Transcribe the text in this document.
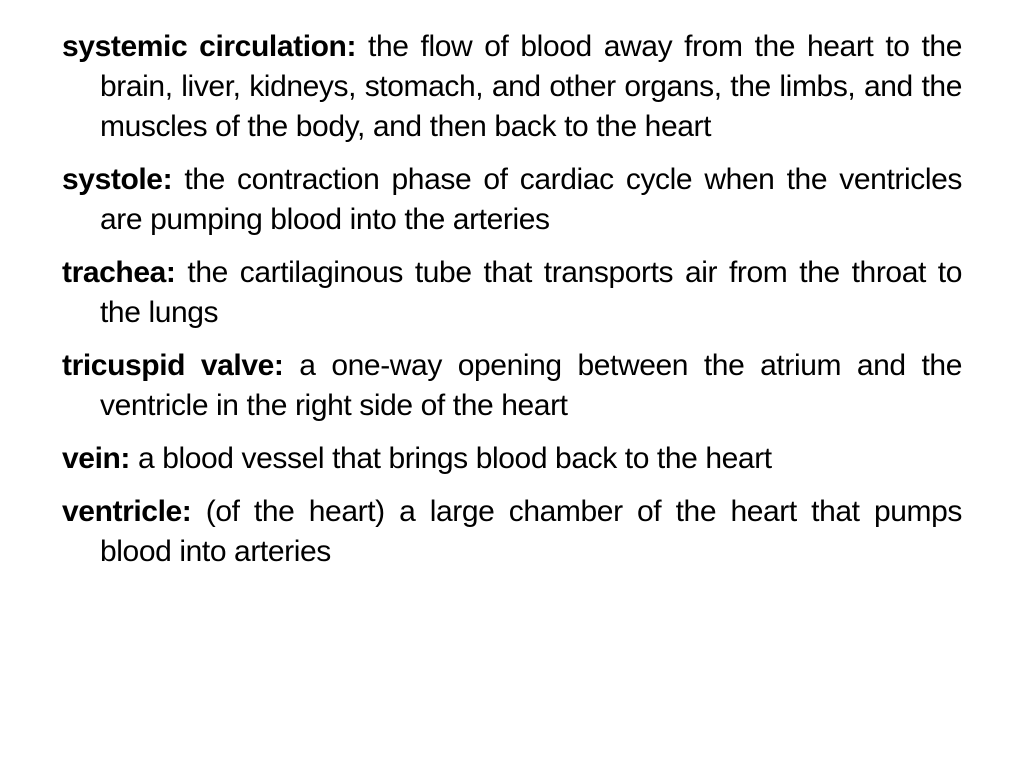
systemic circulation: the flow of blood away from the heart to the brain, liver, kidneys, stomach, and other organs, the limbs, and the muscles of the body, and then back to the heart
systole: the contraction phase of cardiac cycle when the ventricles are pumping blood into the arteries
trachea: the cartilaginous tube that transports air from the throat to the lungs
tricuspid valve: a one-way opening between the atrium and the ventricle in the right side of the heart
vein: a blood vessel that brings blood back to the heart
ventricle: (of the heart) a large chamber of the heart that pumps blood into arteries
